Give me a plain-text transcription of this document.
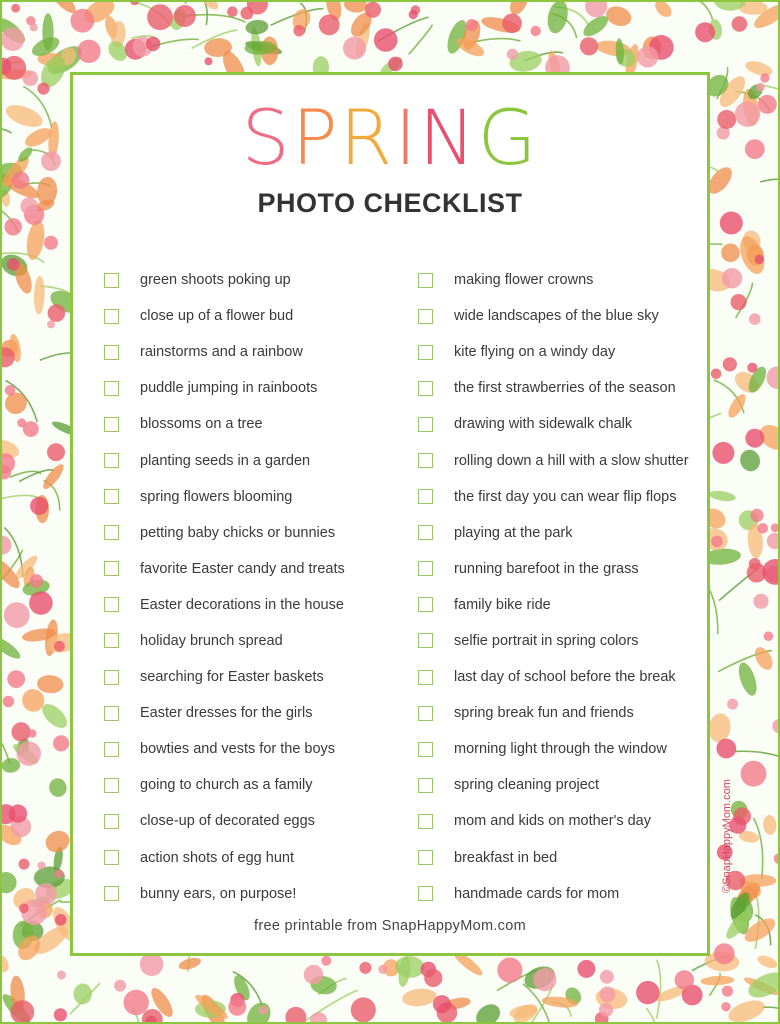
SPRING
PHOTO CHECKLIST
green shoots poking up
close up of a flower bud
rainstorms and a rainbow
puddle jumping in rainboots
blossoms on a tree
planting seeds in a garden
spring flowers blooming
petting baby chicks or bunnies
favorite Easter candy and treats
Easter decorations in the house
holiday brunch spread
searching for Easter baskets
Easter dresses for the girls
bowties and vests for the boys
going to church as a family
close-up of decorated eggs
action shots of egg hunt
bunny ears, on purpose!
making flower crowns
wide landscapes of the blue sky
kite flying on a windy day
the first strawberries of the season
drawing with sidewalk chalk
rolling down a hill with a slow shutter
the first day you can wear flip flops
playing at the park
running barefoot in the grass
family bike ride
selfie portrait in spring colors
last day of school before the break
spring break fun and friends
morning light through the window
spring cleaning project
mom and kids on mother's day
breakfast in bed
handmade cards for mom

free printable from SnapHappyMom.com

©SnapHappyMom.com
